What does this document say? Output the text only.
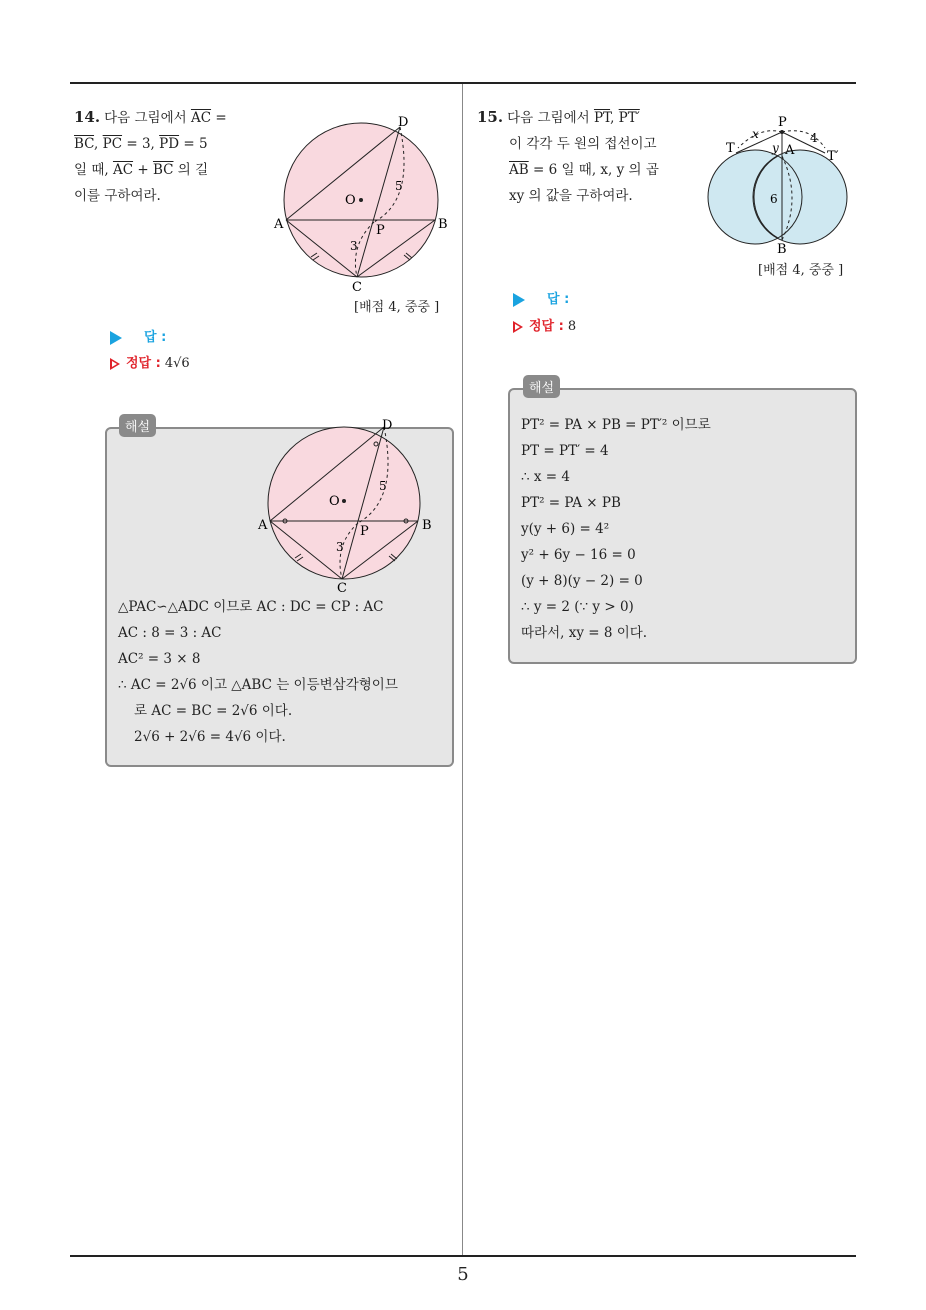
5
14. 다음 그림에서 $\overline{AC}$ =
$\overline{BC}$, $\overline{PC} = 3$, $\overline{PD} = 5$
일 때, $\overline{AC} + \overline{BC}$ 의 길
이를 구하여라.
D
A	B
C
O
P
5
3
[배점 4, 중중 ]
답 :
정답 : 4√6
해설	D
A	B
C
O
P
5
3
△PAC∽△ADC 이므로 AC : DC = CP : AC
AC : 8 = 3 : AC
AC² = 3 × 8
∴ AC = 2√6 이고 △ABC 는 이등변삼각형이므
로 AC = BC = 2√6 이다.
2√6 + 2√6 = 4√6 이다.
15. 다음 그림에서 $\overline{PT}$, PT′
이 각각 두 원의 접선이고
$\overline{AB} = 6$ 일 때, x, y 의 곱
xy 의 값을 구하여라.
P
T
T′
A
B
x
y
4
6
[배점 4, 중중 ]
답 :
정답 : 8
해설
PT² = PA × PB = PT′² 이므로
PT = PT′ = 4
∴ x = 4
PT² = PA × PB
y(y + 6) = 4²
y² + 6y − 16 = 0
(y + 8)(y − 2) = 0
∴ y = 2 (∵ y > 0)
따라서, xy = 8 이다.
